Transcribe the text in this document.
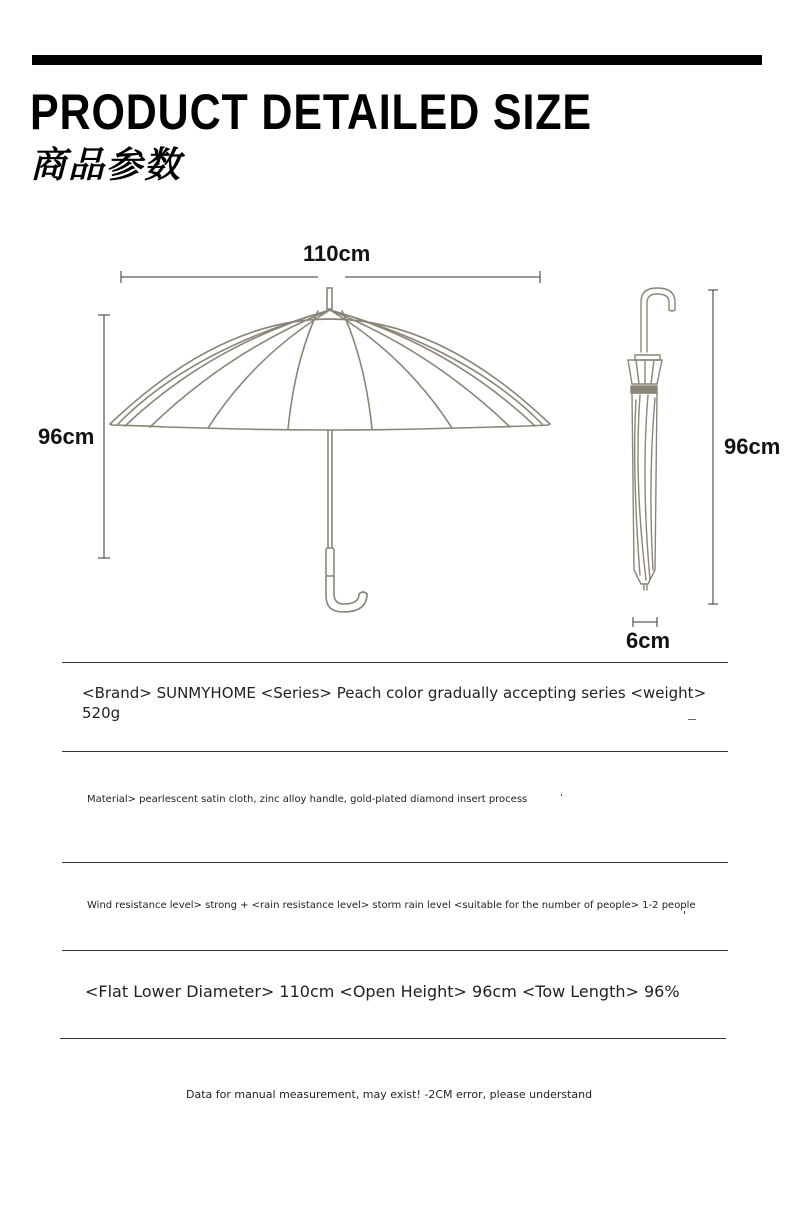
PRODUCT DETAILED SIZE
商品参数
110cm
96cm	96cm
6cm
<Brand> SUNMYHOME <Series> Peach color gradually accepting series <weight>
520g
Material> pearlescent satin cloth, zinc alloy handle, gold-plated diamond insert process
Wind resistance level> strong + <rain resistance level> storm rain level <suitable for the number of people> 1-2 people
<Flat Lower Diameter> 110cm <Open Height> 96cm <Tow Length> 96%
Data for manual measurement, may exist! -2CM error, please understand
